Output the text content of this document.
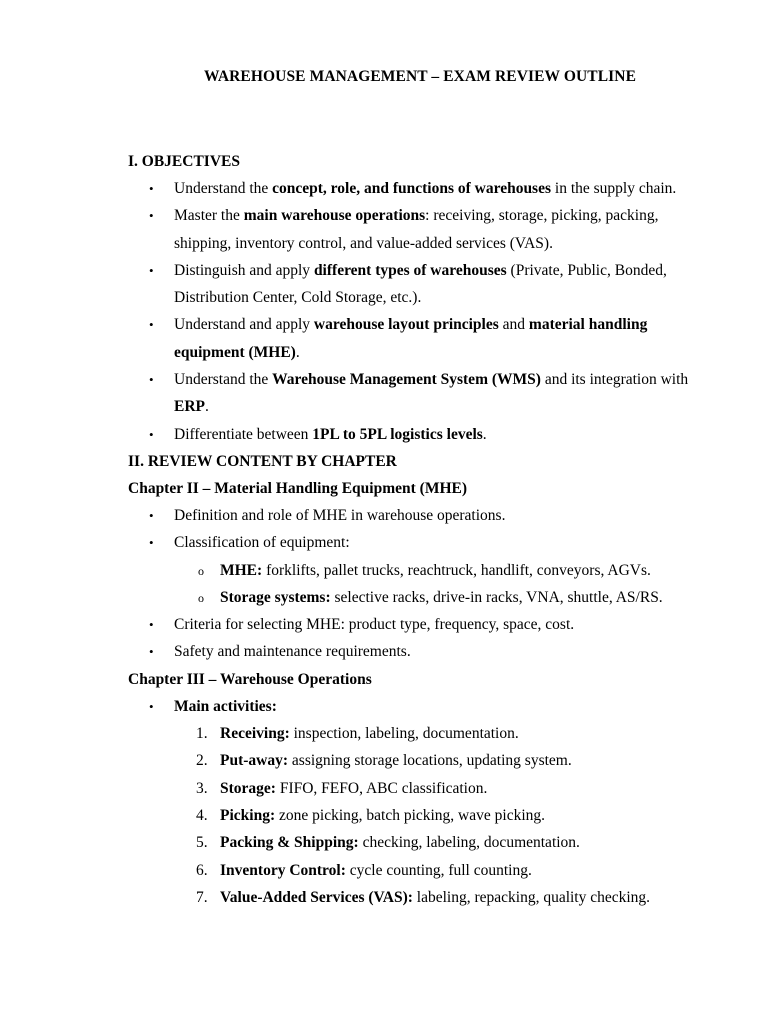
WAREHOUSE MANAGEMENT – EXAM REVIEW OUTLINE
I. OBJECTIVES
• Understand the concept, role, and functions of warehouses in the supply chain.
• Master the main warehouse operations: receiving, storage, picking, packing, shipping, inventory control, and value-added services (VAS).
• Distinguish and apply different types of warehouses (Private, Public, Bonded, Distribution Center, Cold Storage, etc.).
• Understand and apply warehouse layout principles and material handling equipment (MHE).
• Understand the Warehouse Management System (WMS) and its integration with ERP.
• Differentiate between 1PL to 5PL logistics levels.
II. REVIEW CONTENT BY CHAPTER
Chapter II – Material Handling Equipment (MHE)
• Definition and role of MHE in warehouse operations.
• Classification of equipment:
o MHE: forklifts, pallet trucks, reachtruck, handlift, conveyors, AGVs.
o Storage systems: selective racks, drive-in racks, VNA, shuttle, AS/RS.
• Criteria for selecting MHE: product type, frequency, space, cost.
• Safety and maintenance requirements.
Chapter III – Warehouse Operations
• Main activities:
1. Receiving: inspection, labeling, documentation.
2. Put-away: assigning storage locations, updating system.
3. Storage: FIFO, FEFO, ABC classification.
4. Picking: zone picking, batch picking, wave picking.
5. Packing & Shipping: checking, labeling, documentation.
6. Inventory Control: cycle counting, full counting.
7. Value-Added Services (VAS): labeling, repacking, quality checking.
